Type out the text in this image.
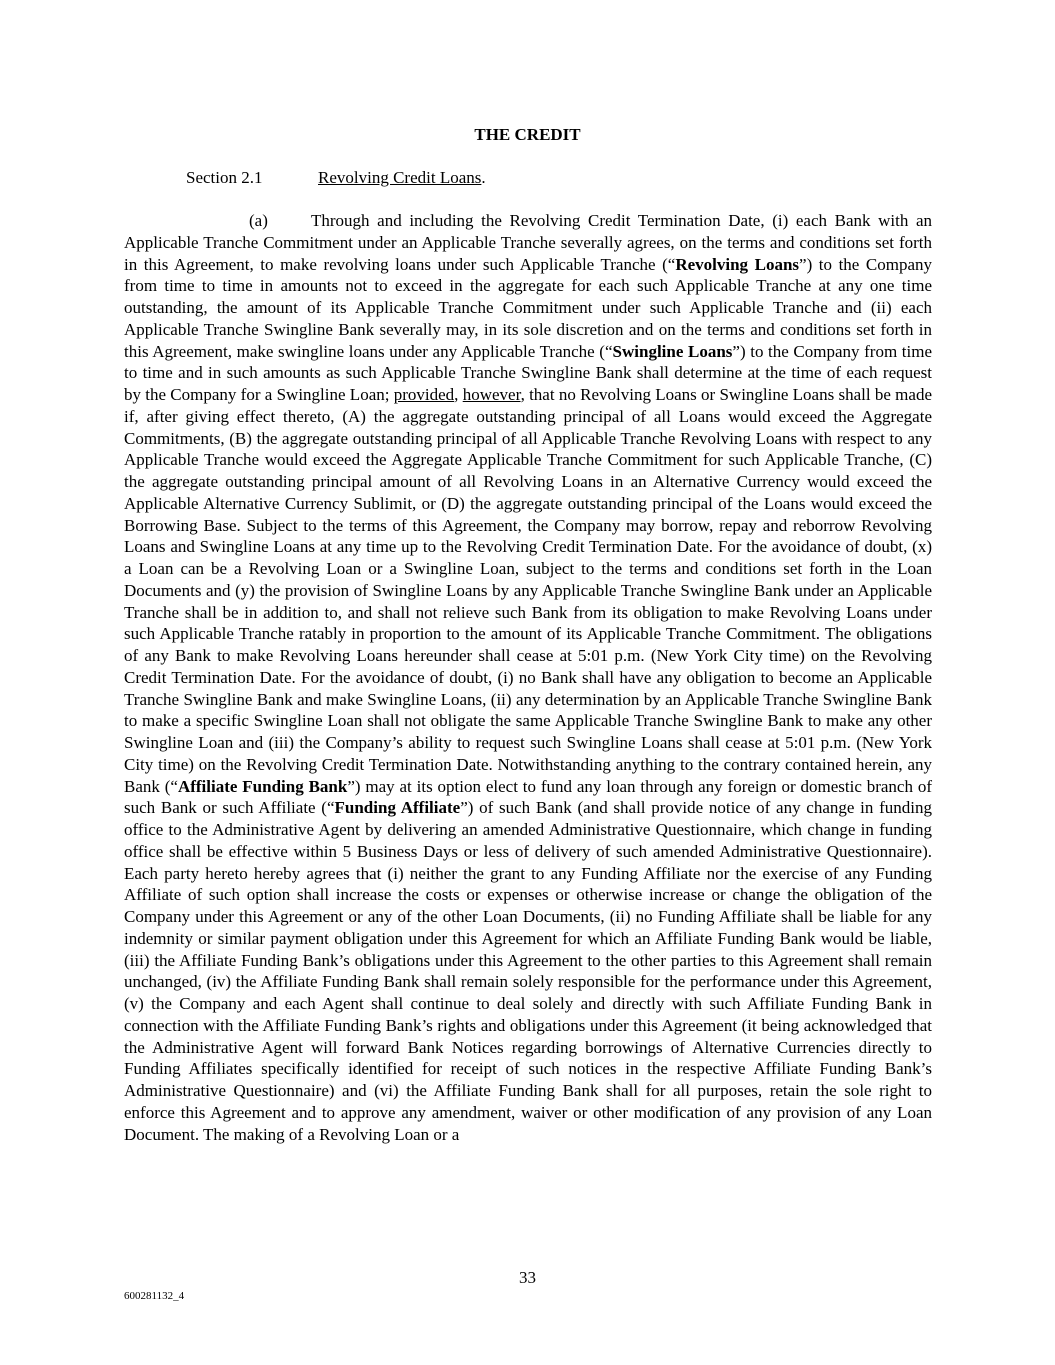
THE CREDIT
Section 2.1	Revolving Credit Loans.
(a)	Through and including the Revolving Credit Termination Date, (i) each Bank with an Applicable Tranche Commitment under an Applicable Tranche severally agrees, on the terms and conditions set forth in this Agreement, to make revolving loans under such Applicable Tranche (“Revolving Loans”) to the Company from time to time in amounts not to exceed in the aggregate for each such Applicable Tranche at any one time outstanding, the amount of its Applicable Tranche Commitment under such Applicable Tranche and (ii) each Applicable Tranche Swingline Bank severally may, in its sole discretion and on the terms and conditions set forth in this Agreement, make swingline loans under any Applicable Tranche (“Swingline Loans”) to the Company from time to time and in such amounts as such Applicable Tranche Swingline Bank shall determine at the time of each request by the Company for a Swingline Loan; provided, however, that no Revolving Loans or Swingline Loans shall be made if, after giving effect thereto, (A) the aggregate outstanding principal of all Loans would exceed the Aggregate Commitments, (B) the aggregate outstanding principal of all Applicable Tranche Revolving Loans with respect to any Applicable Tranche would exceed the Aggregate Applicable Tranche Commitment for such Applicable Tranche, (C) the aggregate outstanding principal amount of all Revolving Loans in an Alternative Currency would exceed the Applicable Alternative Currency Sublimit, or (D) the aggregate outstanding principal of the Loans would exceed the Borrowing Base. Subject to the terms of this Agreement, the Company may borrow, repay and reborrow Revolving Loans and Swingline Loans at any time up to the Revolving Credit Termination Date. For the avoidance of doubt, (x) a Loan can be a Revolving Loan or a Swingline Loan, subject to the terms and conditions set forth in the Loan Documents and (y) the provision of Swingline Loans by any Applicable Tranche Swingline Bank under an Applicable Tranche shall be in addition to, and shall not relieve such Bank from its obligation to make Revolving Loans under such Applicable Tranche ratably in proportion to the amount of its Applicable Tranche Commitment. The obligations of any Bank to make Revolving Loans hereunder shall cease at 5:01 p.m. (New York City time) on the Revolving Credit Termination Date. For the avoidance of doubt, (i) no Bank shall have any obligation to become an Applicable Tranche Swingline Bank and make Swingline Loans, (ii) any determination by an Applicable Tranche Swingline Bank to make a specific Swingline Loan shall not obligate the same Applicable Tranche Swingline Bank to make any other Swingline Loan and (iii) the Company’s ability to request such Swingline Loans shall cease at 5:01 p.m. (New York City time) on the Revolving Credit Termination Date. Notwithstanding anything to the contrary contained herein, any Bank (“Affiliate Funding Bank”) may at its option elect to fund any loan through any foreign or domestic branch of such Bank or such Affiliate (“Funding Affiliate”) of such Bank (and shall provide notice of any change in funding office to the Administrative Agent by delivering an amended Administrative Questionnaire, which change in funding office shall be effective within 5 Business Days or less of delivery of such amended Administrative Questionnaire). Each party hereto hereby agrees that (i) neither the grant to any Funding Affiliate nor the exercise of any Funding Affiliate of such option shall increase the costs or expenses or otherwise increase or change the obligation of the Company under this Agreement or any of the other Loan Documents, (ii) no Funding Affiliate shall be liable for any indemnity or similar payment obligation under this Agreement for which an Affiliate Funding Bank would be liable, (iii) the Affiliate Funding Bank’s obligations under this Agreement to the other parties to this Agreement shall remain unchanged, (iv) the Affiliate Funding Bank shall remain solely responsible for the performance under this Agreement, (v) the Company and each Agent shall continue to deal solely and directly with such Affiliate Funding Bank in connection with the Affiliate Funding Bank’s rights and obligations under this Agreement (it being acknowledged that the Administrative Agent will forward Bank Notices regarding borrowings of Alternative Currencies directly to Funding Affiliates specifically identified for receipt of such notices in the respective Affiliate Funding Bank’s Administrative Questionnaire) and (vi) the Affiliate Funding Bank shall for all purposes, retain the sole right to enforce this Agreement and to approve any amendment, waiver or other modification of any provision of any Loan Document. The making of a Revolving Loan or a
33
600281132_4
